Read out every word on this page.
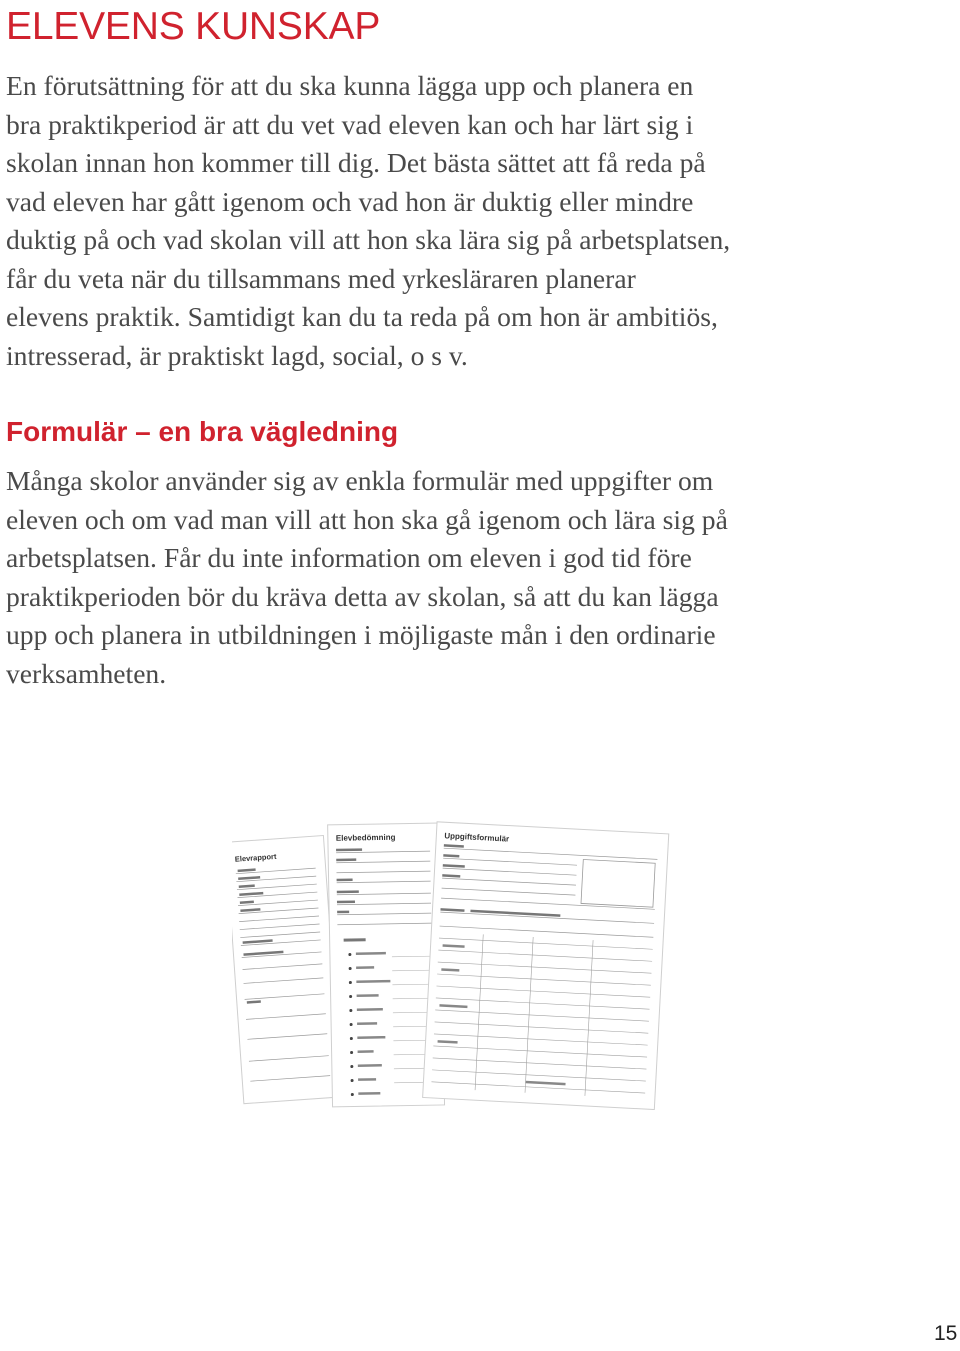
ELEVENS KUNSKAP

En förutsättning för att du ska kunna lägga upp och planera en
bra praktikperiod är att du vet vad eleven kan och har lärt sig i
skolan innan hon kommer till dig. Det bästa sättet att få reda på
vad eleven har gått igenom och vad hon är duktig eller mindre
duktig på och vad skolan vill att hon ska lära sig på arbetsplatsen,
får du veta när du tillsammans med yrkesläraren planerar
elevens praktik. Samtidigt kan du ta reda på om hon är ambitiös,
intresserad, är praktiskt lagd, social, o s v.

Formulär – en bra vägledning

Många skolor använder sig av enkla formulär med uppgifter om
eleven och om vad man vill att hon ska gå igenom och lära sig på
arbetsplatsen. Får du inte information om eleven i god tid före
praktikperioden bör du kräva detta av skolan, så att du kan lägga
upp och planera in utbildningen i möjligaste mån i den ordinarie
verksamheten.

Elevrapport
Elevbedömning	Uppgiftsformulär
15
